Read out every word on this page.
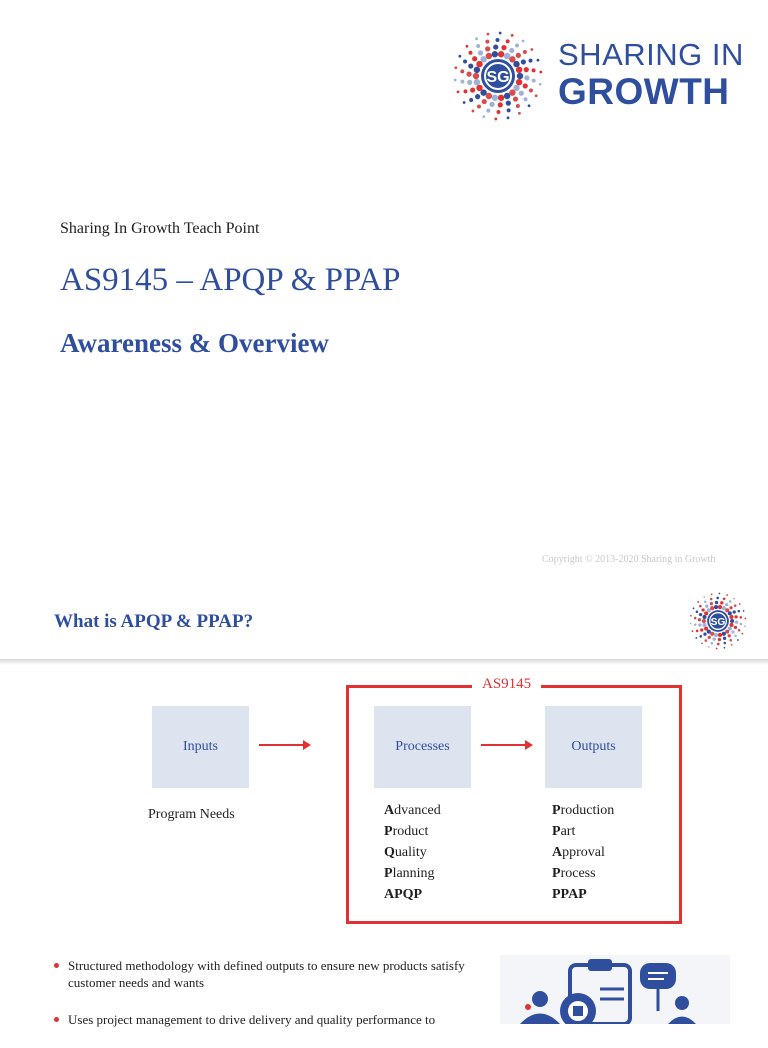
SG
SHARING IN
GROWTH
Sharing In Growth Teach Point
AS9145 – APQP & PPAP
Awareness & Overview
Copyright © 2013-2020 Sharing in Growth
What is APQP & PPAP?	SG
AS9145
Inputs	Processes	Outputs
Program Needs	Advanced
Product
Quality
Planning
APQP
Production
Part
Approval
Process
PPAP
Structured methodology with defined outputs to ensure new products satisfy customer needs and wants
Uses project management to drive delivery and quality performance to
